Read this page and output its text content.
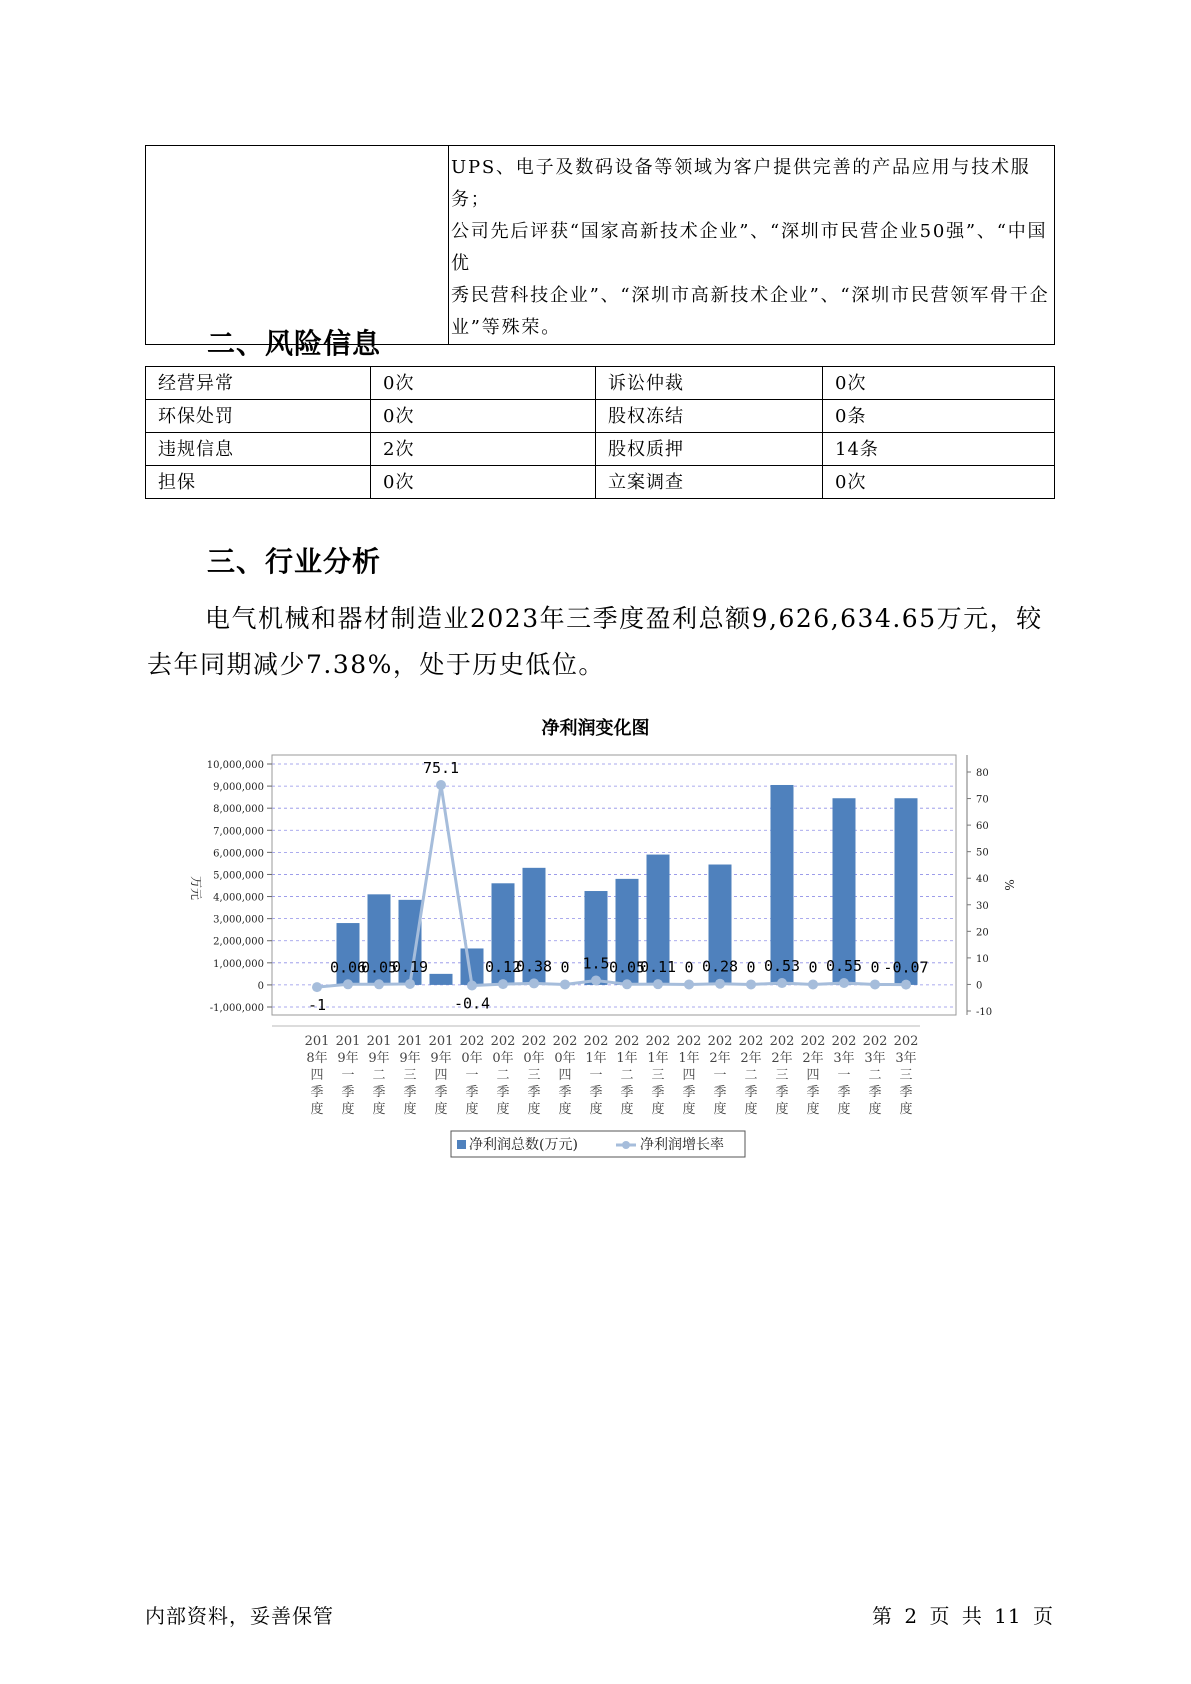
UPS、电子及数码设备等领域为客户提供完善的产品应用与技术服务；
公司先后评获“国家高新技术企业”、“深圳市民营企业50强”、“中国优
秀民营科技企业”、“深圳市高新技术企业”、“深圳市民营领军骨干企
业”等殊荣。
二、风险信息
经营异常	0次	诉讼仲裁	0次
环保处罚	0次	股权冻结	0条
违规信息	2次	股权质押	14条
担保	0次	立案调查	0次
三、行业分析

电气机械和器材制造业2023年三季度盈利总额9,626,634.65万元，较去年同期减少7.38%，处于历史低位。

净利润变化图
10,000,000
9,000,000
8,000,000
7,000,000
6,000,000
5,000,000
4,000,000
3,000,000
2,000,000
1,000,000
0
-1,000,000
80
70
60
50
40
30
20
10
0
-10
万元	%
-1
0.06
0.05
0.19
75.1
-0.4
0.12
0.38 0 1.5 0.05
0.11 0 0.28 0 0.53 0 0.55 0 -0.07
201
8年
四
季
度
201
9年
一
季
度
201
9年
二
季
度
201
9年
三
季
度
201
9年
四
季
度
202
0年
一
季
度
202
0年
二
季
度
202
0年
三
季
度
202
0年
四
季
度
202
1年
一
季
度
202
1年
二
季
度
202
1年
三
季
度
202
1年
四
季
度
202
2年
一
季
度
202
2年
二
季
度
202
2年
三
季
度
202
2年
四
季
度
202
3年
一
季
度
202
3年
二
季
度
202
3年
三
季
度
净利润总数(万元)	净利润增长率
内部资料，妥善保管	第 2 页 共 11 页
